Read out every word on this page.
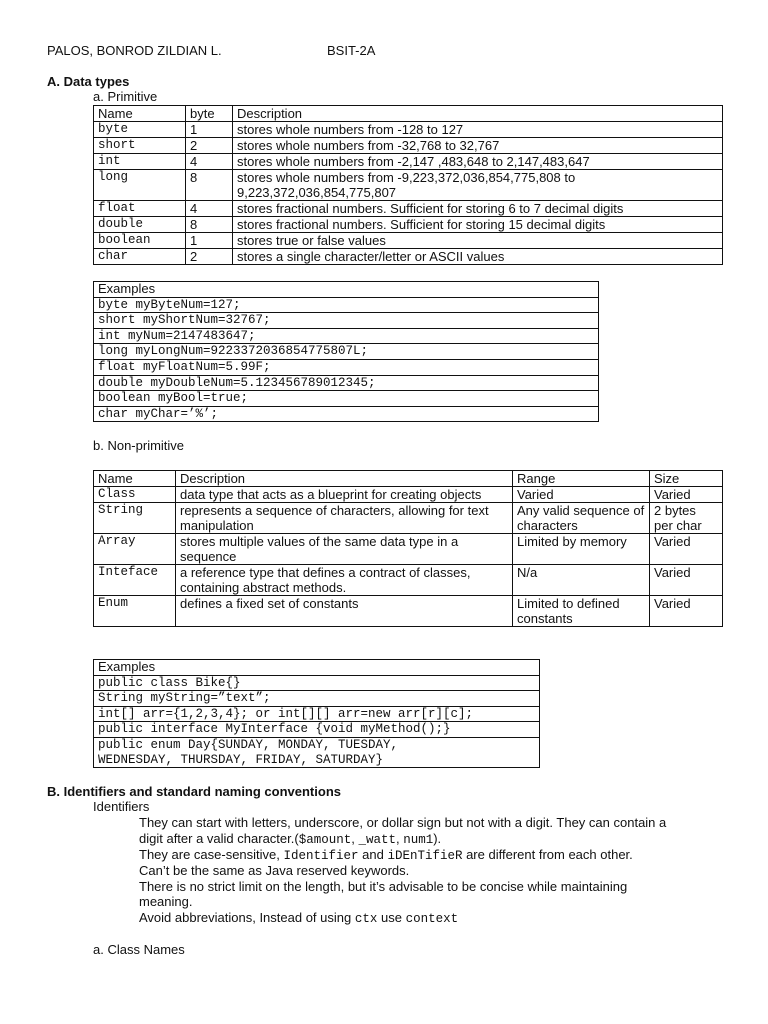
PALOS, BONROD ZILDIAN L.	BSIT-2A
A. Data types
a. Primitive
Name	byte	Description
byte	1	stores whole numbers from -128 to 127
short	2	stores whole numbers from -32,768 to 32,767
int	4	stores whole numbers from -2,147 ,483,648 to 2,147,483,647
long	8	stores whole numbers from -9,223,372,036,854,775,808 to
9,223,372,036,854,775,807
float	4	stores fractional numbers. Sufficient for storing 6 to 7 decimal digits
double	8	stores fractional numbers. Sufficient for storing 15 decimal digits
boolean	1	stores true or false values
char	2	stores a single character/letter or ASCII values
Examples
byte myByteNum=127;
short myShortNum=32767;
int myNum=2147483647;
long myLongNum=9223372036854775807L;
float myFloatNum=5.99F;
double myDoubleNum=5.123456789012345;
boolean myBool=true;
char myChar=’%’;
b. Non-primitive
Name	Description	Range	Size
Class	data type that acts as a blueprint for creating objects	Varied	Varied
String	represents a sequence of characters, allowing for text manipulation	Any valid sequence of characters	2 bytes per char
Array	stores multiple values of the same data type in a sequence	Limited by memory	Varied
Inteface	a reference type that defines a contract of classes, containing abstract methods.	N/a	Varied
Enum	defines a fixed set of constants	Limited to defined constants	Varied
Examples
public class Bike{}
String myString=”text”;
int[] arr={1,2,3,4}; or int[][] arr=new arr[r][c];
public interface MyInterface {void myMethod();}
public enum Day{SUNDAY, MONDAY, TUESDAY,
WEDNESDAY, THURSDAY, FRIDAY, SATURDAY}
B. Identifiers and standard naming conventions
Identifiers
They can start with letters, underscore, or dollar sign but not with a digit. They can contain a
digit after a valid character.($amount, _watt, num1).
They are case-sensitive, Identifier and iDEnTifieR are different from each other.
Can’t be the same as Java reserved keywords.
There is no strict limit on the length, but it’s advisable to be concise while maintaining
meaning.
Avoid abbreviations, Instead of using ctx use context
a. Class Names
